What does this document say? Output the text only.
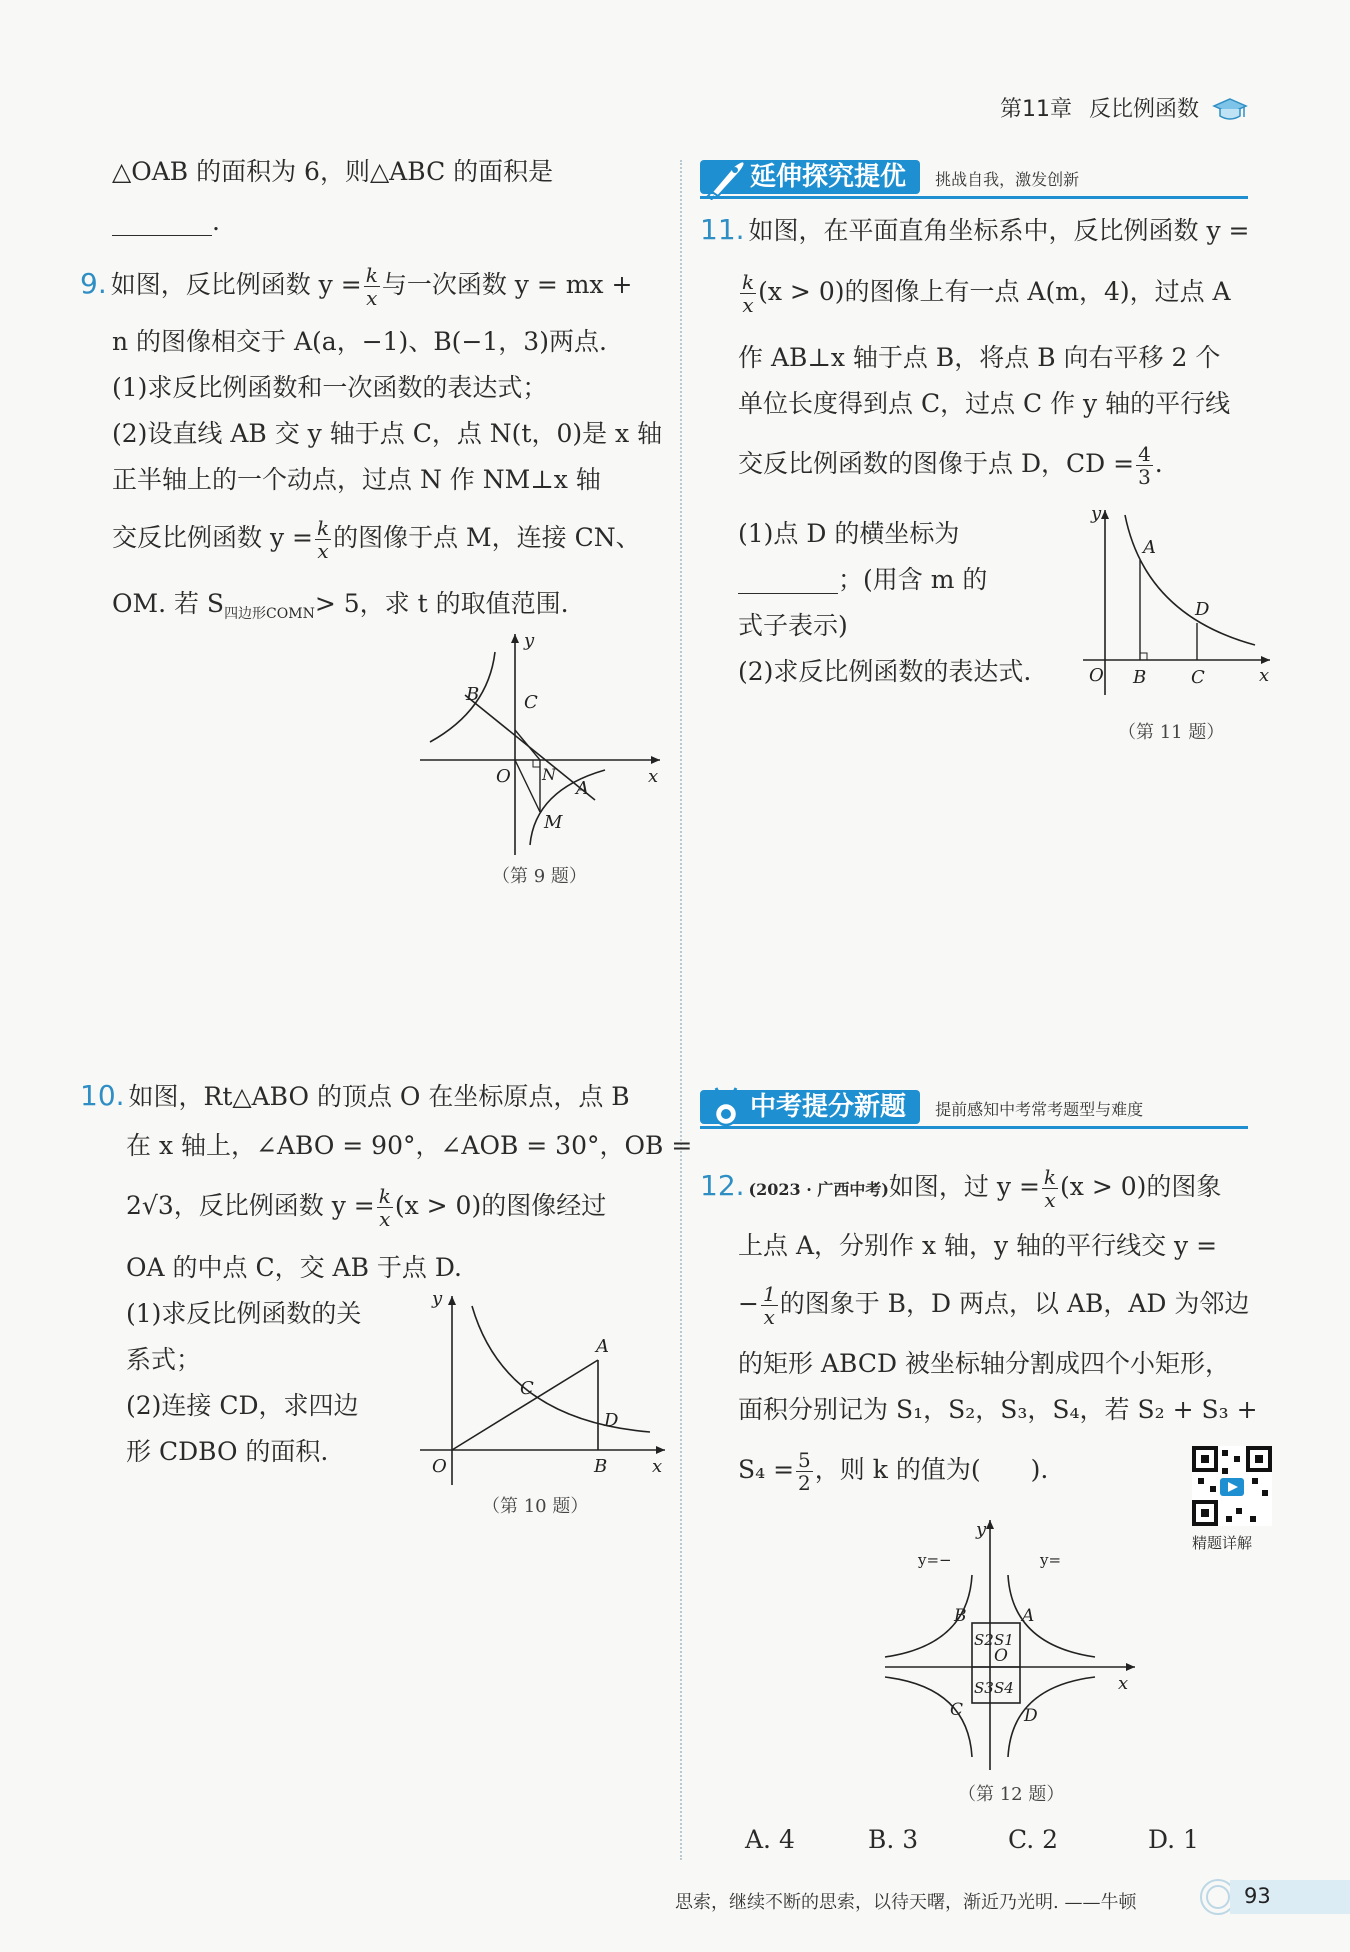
第11章 反比例函数
△OAB 的面积为 6，则△ABC 的面积是
________.
9. 如图，反比例函数 $y = \frac{k}{x}$ 与一次函数 y = mx +
n 的图像相交于 A(a，−1)、B(−1，3)两点.
(1)求反比例函数和一次函数的表达式；
(2)设直线 AB 交 y 轴于点 C，点 N(t，0)是 x 轴
正半轴上的一个动点，过点 N 作 NM⊥x 轴
交反比例函数 $y = \frac{k}{x}$ 的图像于点 M，连接 CN、
OM. 若 $S_{四边形COMN}> 5$，求 t 的取值范围.
y
x
O
B C
N
A
M
（第 9 题）
10. 如图，Rt△ABO 的顶点 O 在坐标原点，点 B
在 x 轴上，∠ABO = 90°，∠AOB = 30°，OB =
2√3，反比例函数 $y = \frac{k}{x} (x > 0)$的图像经过
OA 的中点 C，交 AB 于点 D.
(1)求反比例函数的关
系式；
(2)连接 CD，求四边
形 CDBO 的面积.
y
x
O
A
C
D
B
（第 10 题）
延伸探究提优 挑战自我，激发创新
11. 如图，在平面直角坐标系中，反比例函数 y =
$\frac{k}{x} (x > 0)$的图像上有一点 A(m，4)，过点 A
作 AB⊥x 轴于点 B，将点 B 向右平移 2 个
单位长度得到点 C，过点 C 作 y 轴的平行线
交反比例函数的图像于点 D，CD = $\frac{4}{3}$ .
(1)点 D 的横坐标为
________；(用含 m 的
式子表示)
(2)求反比例函数的表达式.
y
x
O
A
B C
D
（第 11 题）
中考提分新题 提前感知中考常考题型与难度
12. (2023 · 广西中考)如图，过 $y = \frac{k}{x} (x > 0)$的图象
上点 A，分别作 x 轴，y 轴的平行线交 y =
− $\frac{1}{x}$ 的图象于 B，D 两点，以 AB，AD 为邻边
的矩形 ABCD 被坐标轴分割成四个小矩形，
面积分别记为 S₁，S₂，S₃，S₄，若 S₂ + S₃ +
$S_4 = \frac{5}{2}$ ，则 k 的值为(　　).
精题详解
y
x
O
A
B
C	D
S1
S2
S3 S4
y=−	y=
（第 12 题）
A. 4	B. 3	C. 2	D. 1
思索，继续不断的思索，以待天曙，渐近乃光明. ——牛顿	93
